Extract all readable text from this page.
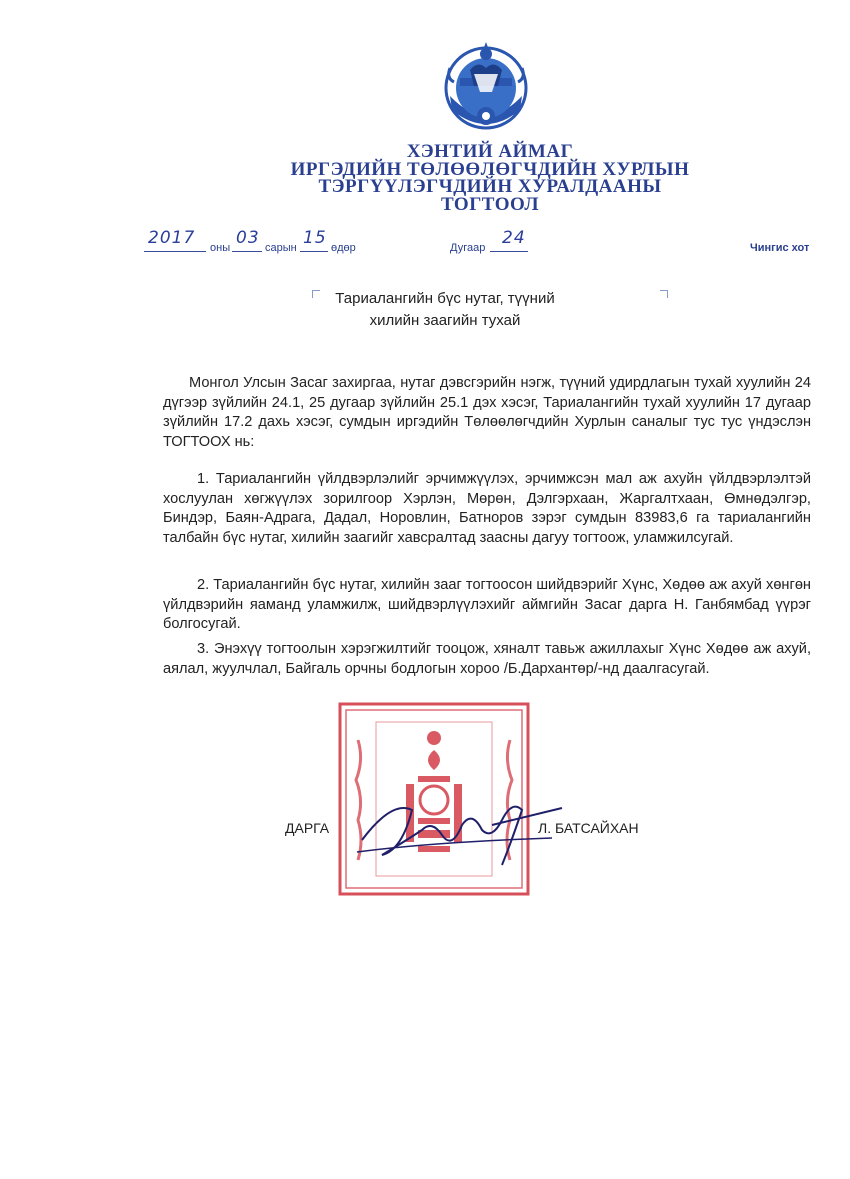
ХЭНТИЙ АЙМАГ
ИРГЭДИЙН ТӨЛӨӨЛӨГЧДИЙН ХУРЛЫН
ТЭРГҮҮЛЭГЧДИЙН ХУРАЛДААНЫ
ТОГТООЛ
2017 оны 03 сарын 15 өдөр	Дугаар 24	Чингис хот
Тариалангийн бүс нутаг, түүний
хилийн заагийн тухай
Монгол Улсын Засаг захиргаа, нутаг дэвсгэрийн нэгж, түүний удирдлагын тухай хуулийн 24 дүгээр зүйлийн 24.1, 25 дугаар зүйлийн 25.1 дэх хэсэг, Тариалангийн тухай хуулийн 17 дугаар зүйлийн 17.2 дахь хэсэг, сумдын иргэдийн Төлөөлөгчдийн Хурлын саналыг тус тус үндэслэн ТОГТООХ нь:
1. Тариалангийн үйлдвэрлэлийг эрчимжүүлэх, эрчимжсэн мал аж ахуйн үйлдвэрлэлтэй хослуулан хөгжүүлэх зорилгоор Хэрлэн, Мөрөн, Дэлгэрхаан, Жаргалтхаан, Өмнөдэлгэр, Биндэр, Баян-Адрага, Дадал, Норовлин, Батноров зэрэг сумдын 83983,6 га тариалангийн талбайн бүс нутаг, хилийн заагийг хавсралтад заасны дагуу тогтоож, уламжилсугай.
2. Тариалангийн бүс нутаг, хилийн зааг тогтоосон шийдвэрийг Хүнс, Хөдөө аж ахуй хөнгөн үйлдвэрийн яаманд уламжилж, шийдвэрлүүлэхийг аймгийн Засаг дарга Н. Ганбямбад үүрэг болгосугай.
3. Энэхүү тогтоолын хэрэгжилтийг тооцож, хяналт тавьж ажиллахыг Хүнс Хөдөө аж ахуй, аялал, жуулчлал, Байгаль орчны бодлогын хороо /Б.Дархантөр/-нд даалгасугай.
ДАРГА	Л. БАТСАЙХАН
